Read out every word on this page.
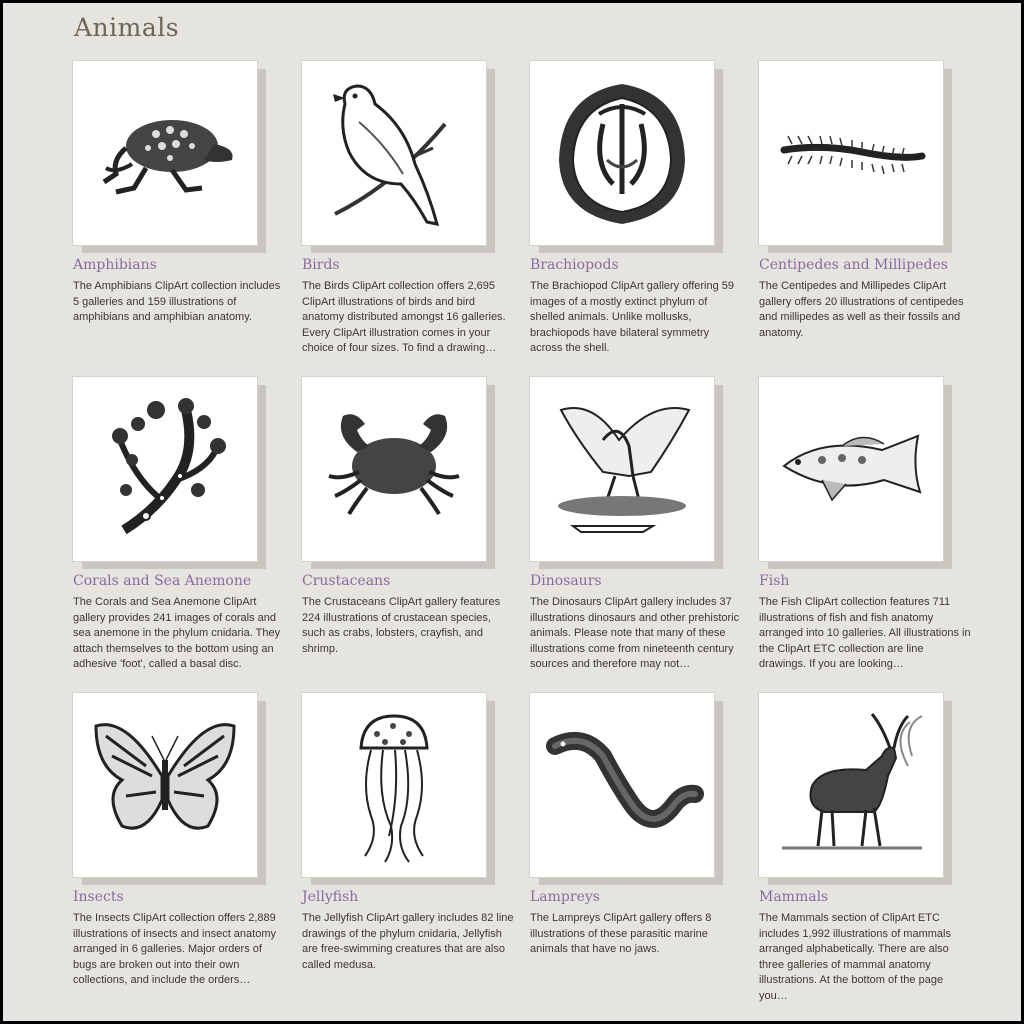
Animals
Amphibians
The Amphibians ClipArt collection includes 5 galleries and 159 illustrations of amphibians and amphibian anatomy.
Birds
The Birds ClipArt collection offers 2,695 ClipArt illustrations of birds and bird anatomy distributed amongst 16 galleries. Every ClipArt illustration comes in your choice of four sizes. To find a drawing…
Brachiopods
The Brachiopod ClipArt gallery offering 59 images of a mostly extinct phylum of shelled animals. Unlike mollusks, brachiopods have bilateral symmetry across the shell.
Centipedes and Millipedes
The Centipedes and Millipedes ClipArt gallery offers 20 illustrations of centipedes and millipedes as well as their fossils and anatomy.
Corals and Sea Anemone
The Corals and Sea Anemone ClipArt gallery provides 241 images of corals and sea anemone in the phylum cnidaria. They attach themselves to the bottom using an adhesive 'foot', called a basal disc.
Crustaceans
The Crustaceans ClipArt gallery features 224 illustrations of crustacean species, such as crabs, lobsters, crayfish, and shrimp.
Dinosaurs
The Dinosaurs ClipArt gallery includes 37 illustrations dinosaurs and other prehistoric animals. Please note that many of these illustrations come from nineteenth century sources and therefore may not…
Fish
The Fish ClipArt collection features 711 illustrations of fish and fish anatomy arranged into 10 galleries. All illustrations in the ClipArt ETC collection are line drawings. If you are looking…
Insects
The Insects ClipArt collection offers 2,889 illustrations of insects and insect anatomy arranged in 6 galleries. Major orders of bugs are broken out into their own collections, and include the orders…
Jellyfish
The Jellyfish ClipArt gallery includes 82 line drawings of the phylum cnidaria, Jellyfish are free-swimming creatures that are also called medusa.
Lampreys
The Lampreys ClipArt gallery offers 8 illustrations of these parasitic marine animals that have no jaws.
Mammals
The Mammals section of ClipArt ETC includes 1,992 illustrations of mammals arranged alphabetically. There are also three galleries of mammal anatomy illustrations. At the bottom of the page you…
